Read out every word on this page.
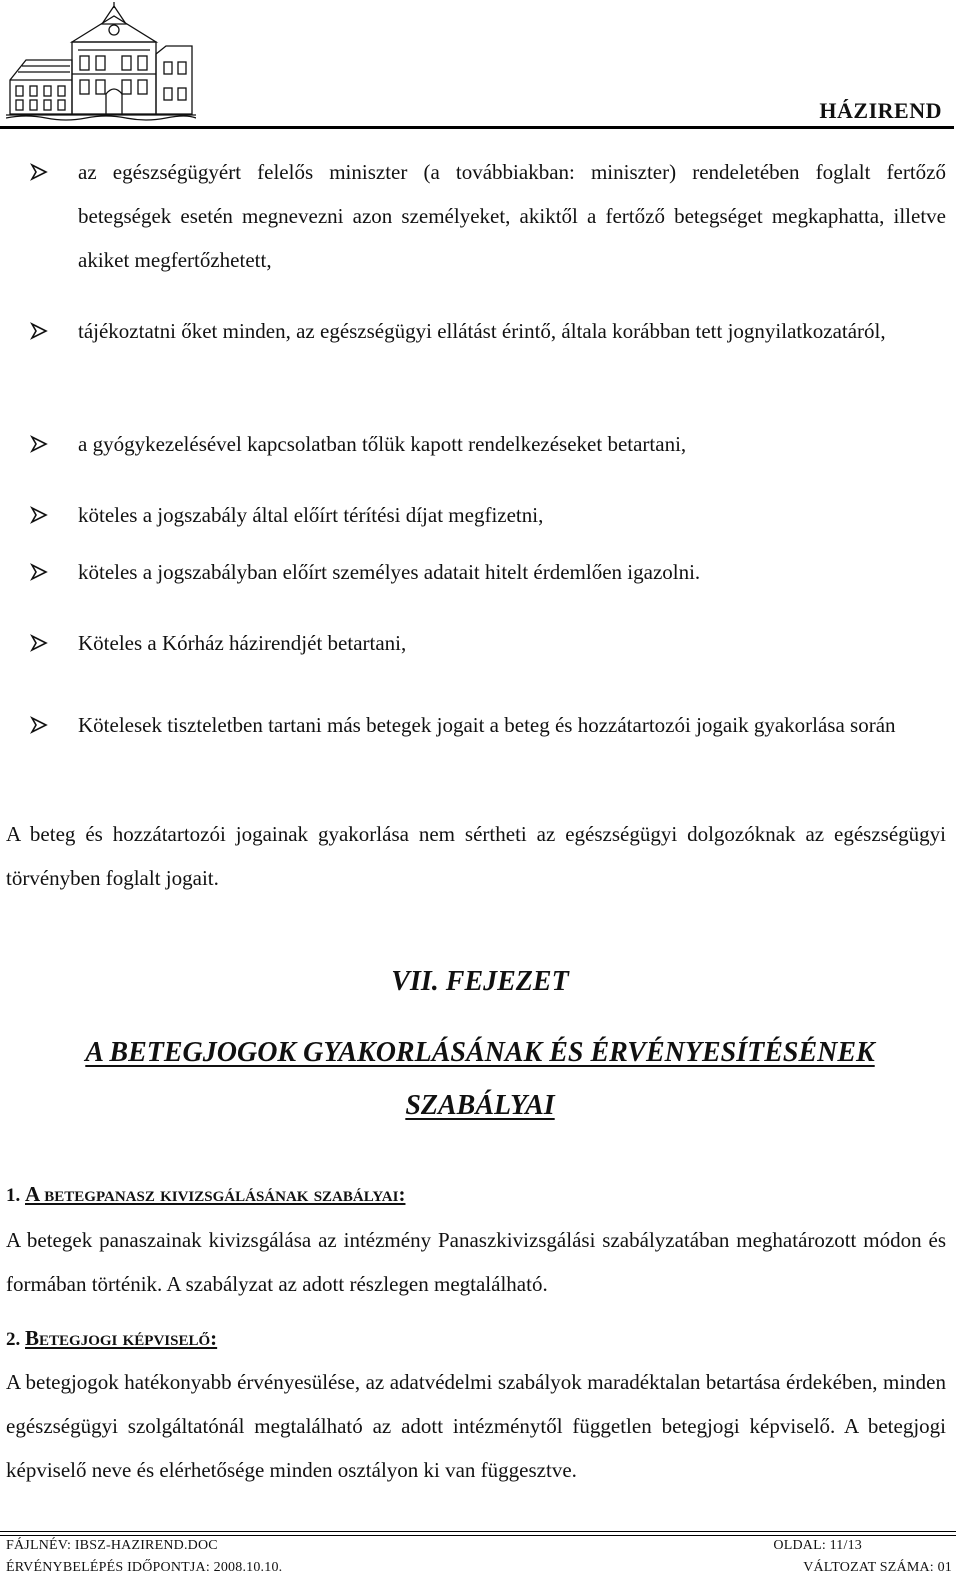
HÁZIREND
az egészségügyért felelős miniszter (a továbbiakban: miniszter) rendeletében foglalt fertőző betegségek esetén megnevezni azon személyeket, akiktől a fertőző betegséget megkaphatta, illetve akiket megfertőzhetett,
tájékoztatni őket minden, az egészségügyi ellátást érintő, általa korábban tett jognyilatkozatáról,
a gyógykezelésével kapcsolatban tőlük kapott rendelkezéseket betartani,
köteles a jogszabály által előírt térítési díjat megfizetni,
köteles a jogszabályban előírt személyes adatait hitelt érdemlően igazolni.
Köteles a Kórház házirendjét betartani,
Kötelesek tiszteletben tartani más betegek jogait a beteg és hozzátartozói jogaik gyakorlása során
A beteg és hozzátartozói jogainak gyakorlása nem sértheti az egészségügyi dolgozóknak az egészségügyi törvényben foglalt jogait.
VII. FEJEZET
A BETEGJOGOK GYAKORLÁSÁNAK ÉS ÉRVÉNYESÍTÉSÉNEK
SZABÁLYAI
1. A betegpanasz kivizsgálásának szabályai:
A betegek panaszainak kivizsgálása az intézmény Panaszkivizsgálási szabályzatában meghatározott módon és formában történik. A szabályzat az adott részlegen megtalálható.
2. Betegjogi képviselő:
A betegjogok hatékonyabb érvényesülése, az adatvédelmi szabályok maradéktalan betartása érdekében, minden egészségügyi szolgáltatónál megtalálható az adott intézménytől független betegjogi képviselő. A betegjogi képviselő neve és elérhetősége minden osztályon ki van függesztve.
FÁJLNÉV: IBSZ-HAZIREND.DOC	OLDAL: 11/13
ÉRVÉNYBELÉPÉS IDŐPONTJA: 2008.10.10.	VÁLTOZAT SZÁMA: 01
